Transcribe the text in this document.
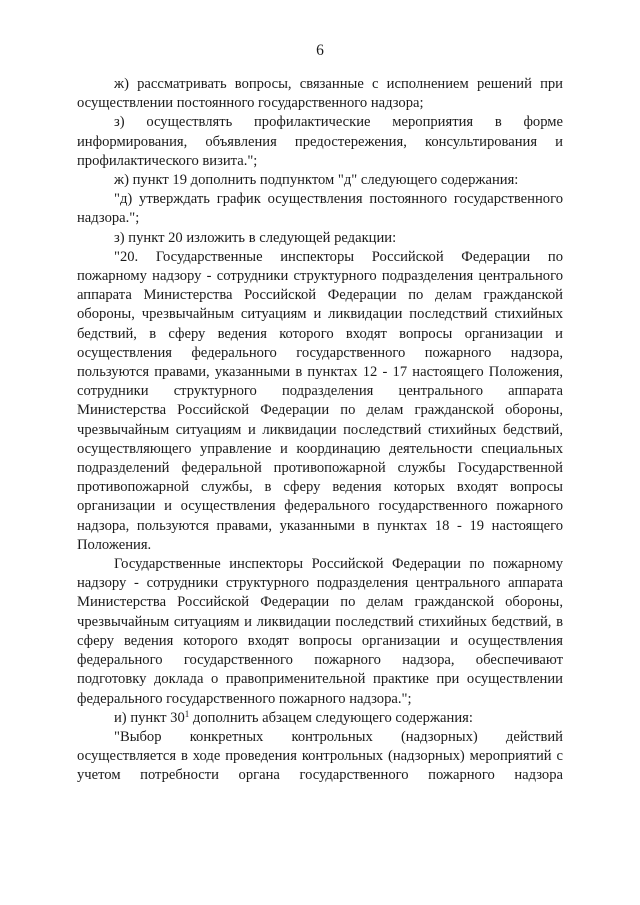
6

ж) рассматривать вопросы, связанные с исполнением решений при осуществлении постоянного государственного надзора;

з) осуществлять профилактические мероприятия в форме информирования, объявления предостережения, консультирования и профилактического визита.";

ж) пункт 19 дополнить подпунктом "д" следующего содержания:

"д) утверждать график осуществления постоянного государственного надзора.";

з) пункт 20 изложить в следующей редакции:

"20. Государственные инспекторы Российской Федерации по пожарному надзору - сотрудники структурного подразделения центрального аппарата Министерства Российской Федерации по делам гражданской обороны, чрезвычайным ситуациям и ликвидации последствий стихийных бедствий, в сферу ведения которого входят вопросы организации и осуществления федерального государственного пожарного надзора, пользуются правами, указанными в пунктах 12 - 17 настоящего Положения, сотрудники структурного подразделения центрального аппарата Министерства Российской Федерации по делам гражданской обороны, чрезвычайным ситуациям и ликвидации последствий стихийных бедствий, осуществляющего управление и координацию деятельности специальных подразделений федеральной противопожарной службы Государственной противопожарной службы, в сферу ведения которых входят вопросы организации и осуществления федерального государственного пожарного надзора, пользуются правами, указанными в пунктах 18 - 19 настоящего Положения.

Государственные инспекторы Российской Федерации по пожарному надзору - сотрудники структурного подразделения центрального аппарата Министерства Российской Федерации по делам гражданской обороны, чрезвычайным ситуациям и ликвидации последствий стихийных бедствий, в сферу ведения которого входят вопросы организации и осуществления федерального государственного пожарного надзора, обеспечивают подготовку доклада о правоприменительной практике при осуществлении федерального государственного пожарного надзора.";

и) пункт $30^1$ дополнить абзацем следующего содержания:

"Выбор конкретных контрольных (надзорных) действий осуществляется в ходе проведения контрольных (надзорных) мероприятий с учетом потребности органа государственного пожарного надзора
